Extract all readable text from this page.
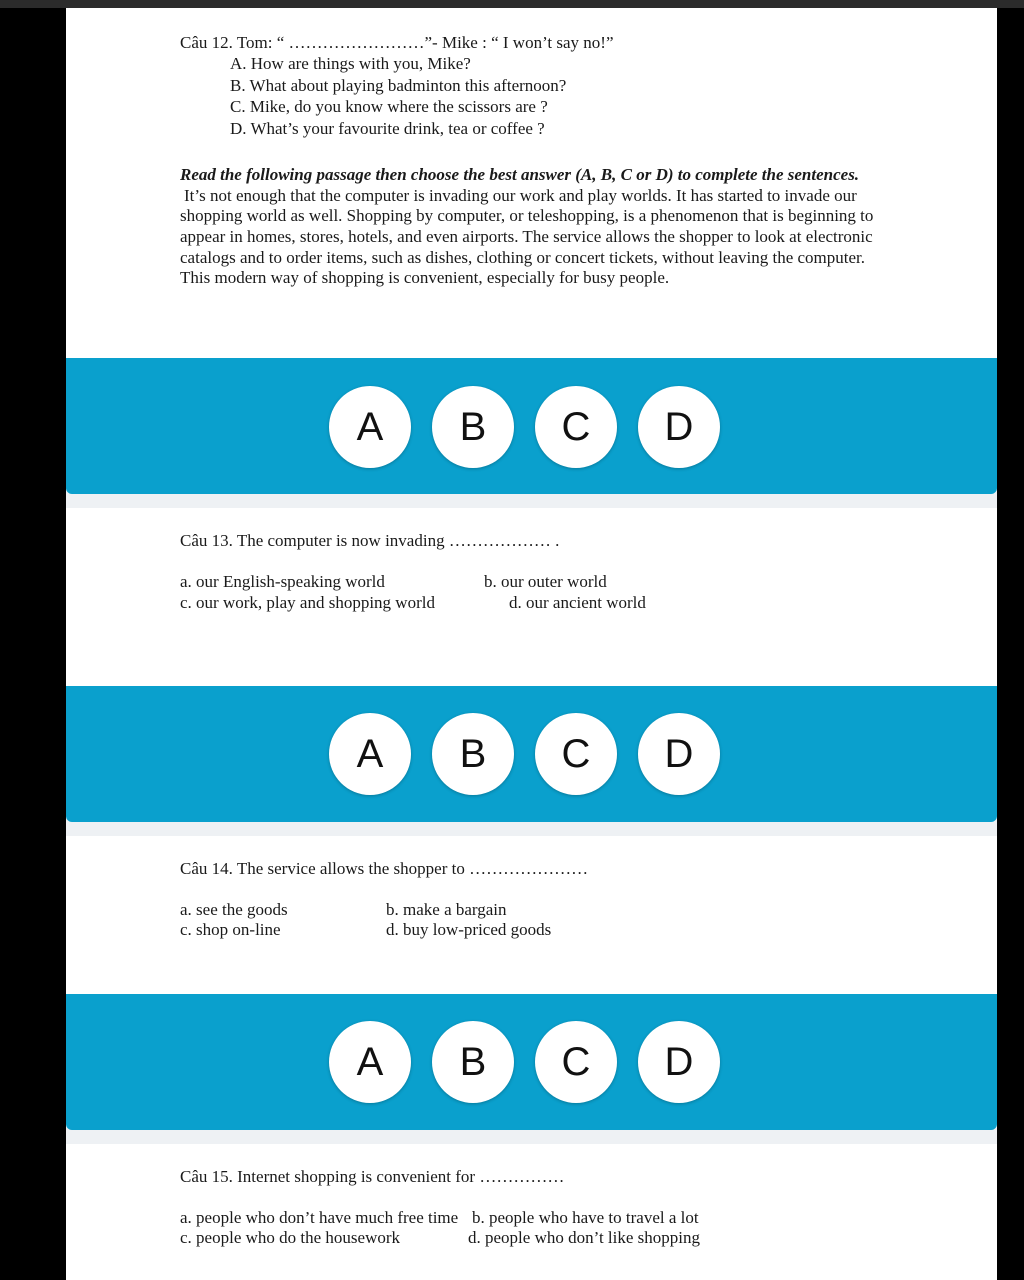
Câu 12. Tom: “ ……………………”- Mike : “ I won’t say no!”
A. How are things with you, Mike?
B. What about playing badminton this afternoon?
C. Mike, do you know where the scissors are ?
D. What’s your favourite drink, tea or coffee ?
Read the following passage then choose the best answer (A, B, C or D) to complete the sentences.
It’s not enough that the computer is invading our work and play worlds. It has started to invade our
shopping world as well. Shopping by computer, or teleshopping, is a phenomenon that is beginning to
appear in homes, stores, hotels, and even airports. The service allows the shopper to look at electronic
catalogs and to order items, such as dishes, clothing or concert tickets, without leaving the computer.
This modern way of shopping is convenient, especially for busy people.
A	B	C	D
Câu 13. The computer is now invading ……………… .
a. our English-speaking world	b. our outer world
c. our work, play and shopping world	d. our ancient world
A	B	C	D
Câu 14. The service allows the shopper to …………………
a. see the goods	b. make a bargain
c. shop on-line	d. buy low-priced goods
A	B	C	D
Câu 15. Internet shopping is convenient for ……………
a. people who don’t have much free time b. people who have to travel a lot
c. people who do the housework	d. people who don’t like shopping
